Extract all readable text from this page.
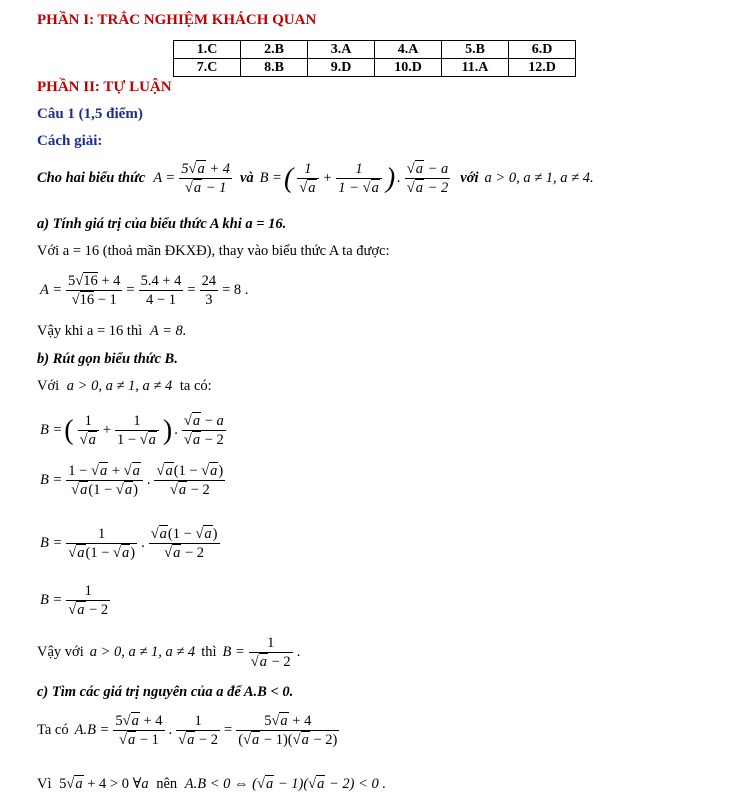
PHẦN I: TRẮC NGHIỆM KHÁCH QUAN
1.C	2.B	3.A	4.A	5.B	6.D
7.C	8.B	9.D	10.D	11.A	12.D
PHẦN II: TỰ LUẬN
Câu 1 (1,5 điểm)
Cách giải:
Cho hai biểu thức A = 5 √ a + 4
√ a − 1 và B = ( 1
√ $a + \frac{1}{1 - √ a}$ ) . √ a − a
√ a − 2 với a > 0, a ≠ 1, a ≠ 4.
a) Tính giá trị của biểu thức A khi a = 16.
Với a = 16 (thoả mãn ĐKXĐ), thay vào biểu thức A ta được:
$A = \frac{5√16 + 4}{√16 - 1} = \frac{5.4 + 4}{4 - 1} = \frac{24}{3} = 8$ .
Vậy khi a = 16 thì A = 8.
b) Rút gọn biểu thức B.
Với a > 0, a ≠ 1, a ≠ 4 ta có:
B = ( 1
√ $a + \frac{1}{1 - √ a}$ ) . √ a − a
√ a − 2
B = 1 − √ a + √ a
√ a(1 − √ a) . √ a(1 − √ a)
√ a − 2
B = 1
√ a(1 − √ a) . √ a(1 − √ a)
√ a − 2
B = 1
√ a − 2
Vậy với a > 0, a ≠ 1, a ≠ 4 thì B = 1
√ a − 2 .
c) Tìm các giá trị nguyên của a để A.B < 0.
Ta có A.B = 5 √ a + 4
√ a − 1 . 1
√ $a - 2 = \frac{5 √ a + 4}{( √ a - 1)( √ a - 2)}$
Vì 5 √ a + 4 > 0 ∀a nên A.B < 0 ⇔ ( √ a − 1)( √ a − 2) < 0 .
